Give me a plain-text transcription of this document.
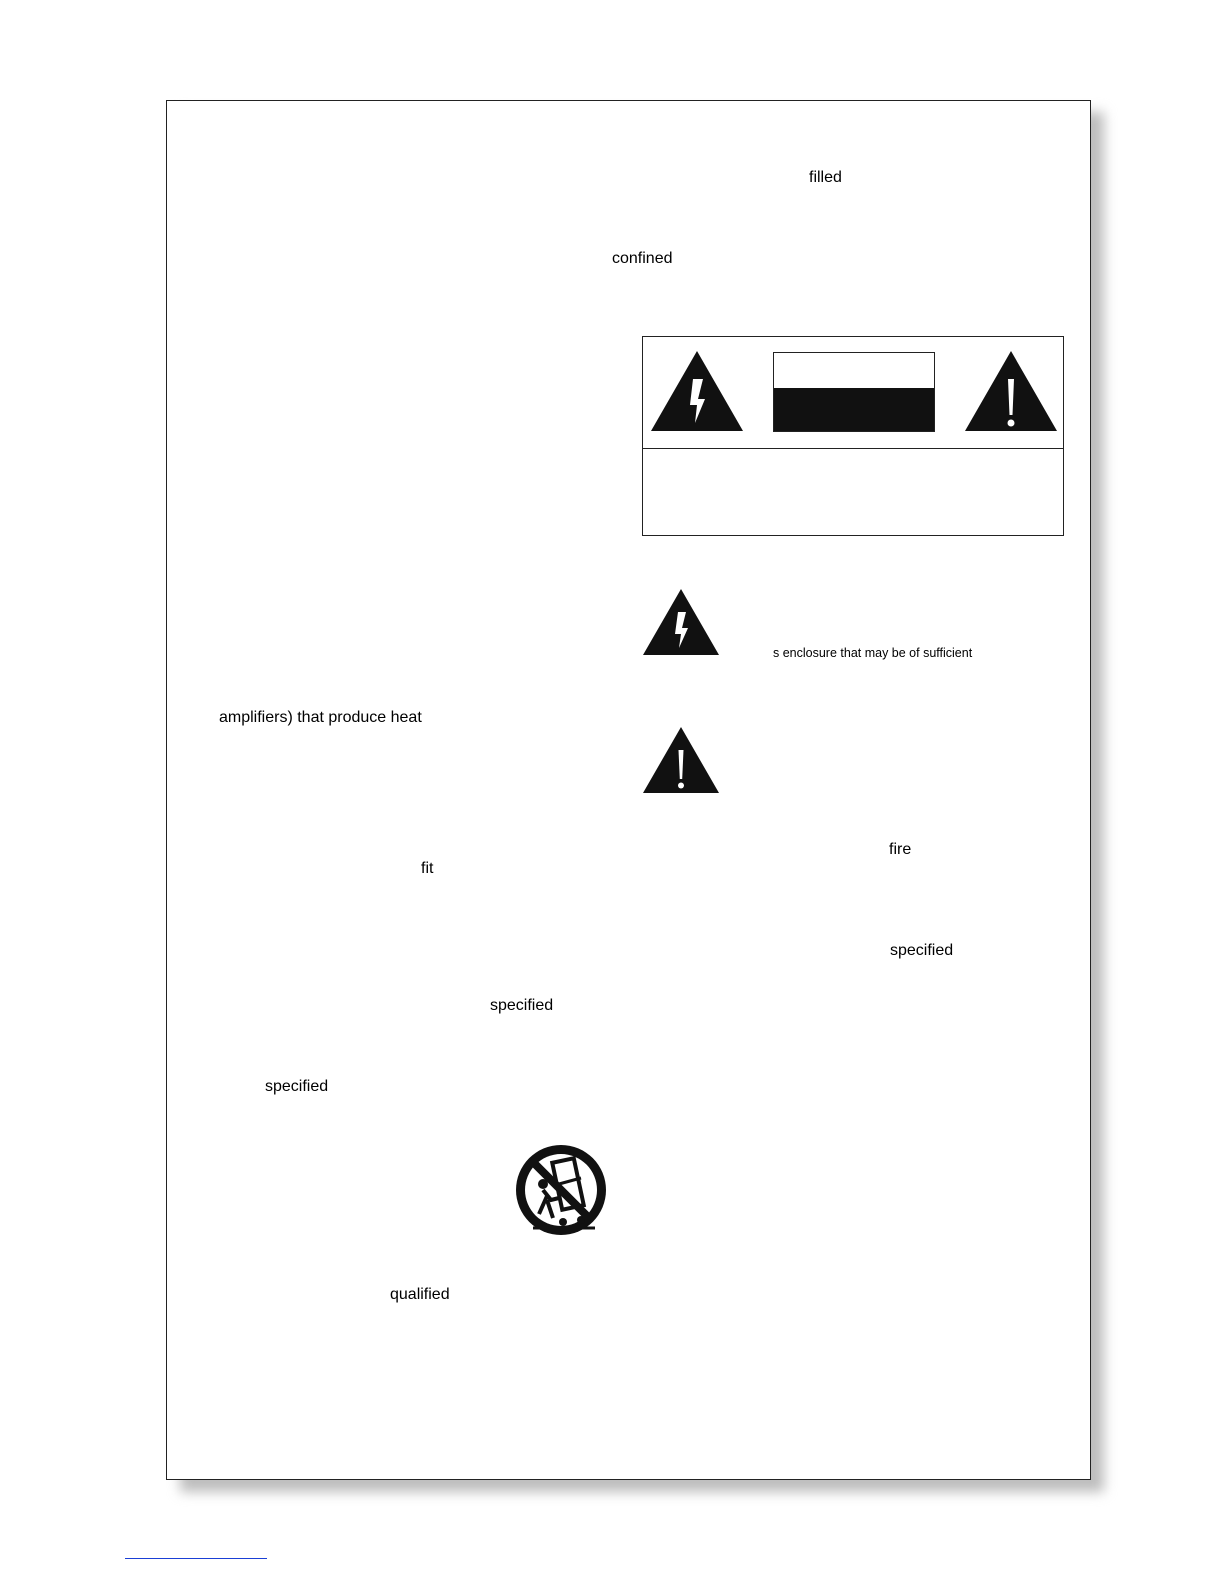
amplifiers) that produce heat
fit
specified
specified
qualified
filled
confined
s enclosure that may be of sufficient
fire
specified
